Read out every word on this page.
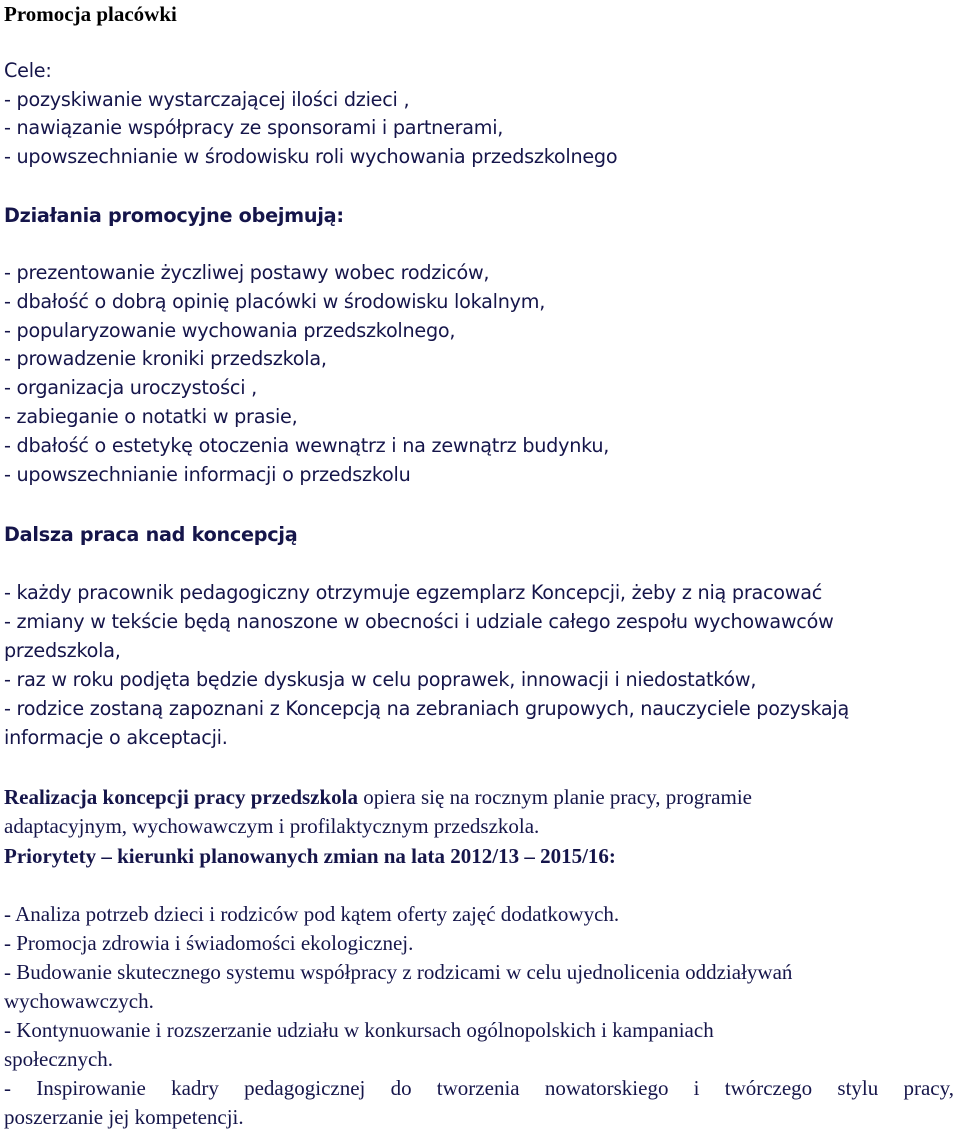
Promocja placówki
Cele:
- pozyskiwanie wystarczającej ilości dzieci ,
- nawiązanie współpracy ze sponsorami i partnerami,
- upowszechnianie w środowisku roli wychowania przedszkolnego
Działania promocyjne obejmują:
- prezentowanie życzliwej postawy wobec rodziców,
- dbałość o dobrą opinię placówki w środowisku lokalnym,
- popularyzowanie wychowania przedszkolnego,
- prowadzenie kroniki przedszkola,
- organizacja uroczystości ,
- zabieganie o notatki w prasie,
- dbałość o estetykę otoczenia wewnątrz i na zewnątrz budynku,
- upowszechnianie informacji o przedszkolu
Dalsza praca nad koncepcją
- każdy pracownik pedagogiczny otrzymuje egzemplarz Koncepcji, żeby z nią pracować
- zmiany w tekście będą nanoszone w obecności i udziale całego zespołu wychowawców
przedszkola,
- raz w roku podjęta będzie dyskusja w celu poprawek, innowacji i niedostatków,
- rodzice zostaną zapoznani z Koncepcją na zebraniach grupowych, nauczyciele pozyskają
informacje o akceptacji.
Realizacja koncepcji pracy przedszkola opiera się na rocznym planie pracy, programie
adaptacyjnym, wychowawczym i profilaktycznym przedszkola.
Priorytety – kierunki planowanych zmian na lata 2012/13 – 2015/16:
- Analiza potrzeb dzieci i rodziców pod kątem oferty zajęć dodatkowych.
- Promocja zdrowia i świadomości ekologicznej.
- Budowanie skutecznego systemu współpracy z rodzicami w celu ujednolicenia oddziaływań
wychowawczych.
- Kontynuowanie i rozszerzanie udziału w konkursach ogólnopolskich i kampaniach
społecznych.
- Inspirowanie kadry pedagogicznej do tworzenia nowatorskiego i twórczego stylu pracy,
poszerzanie jej kompetencji.
